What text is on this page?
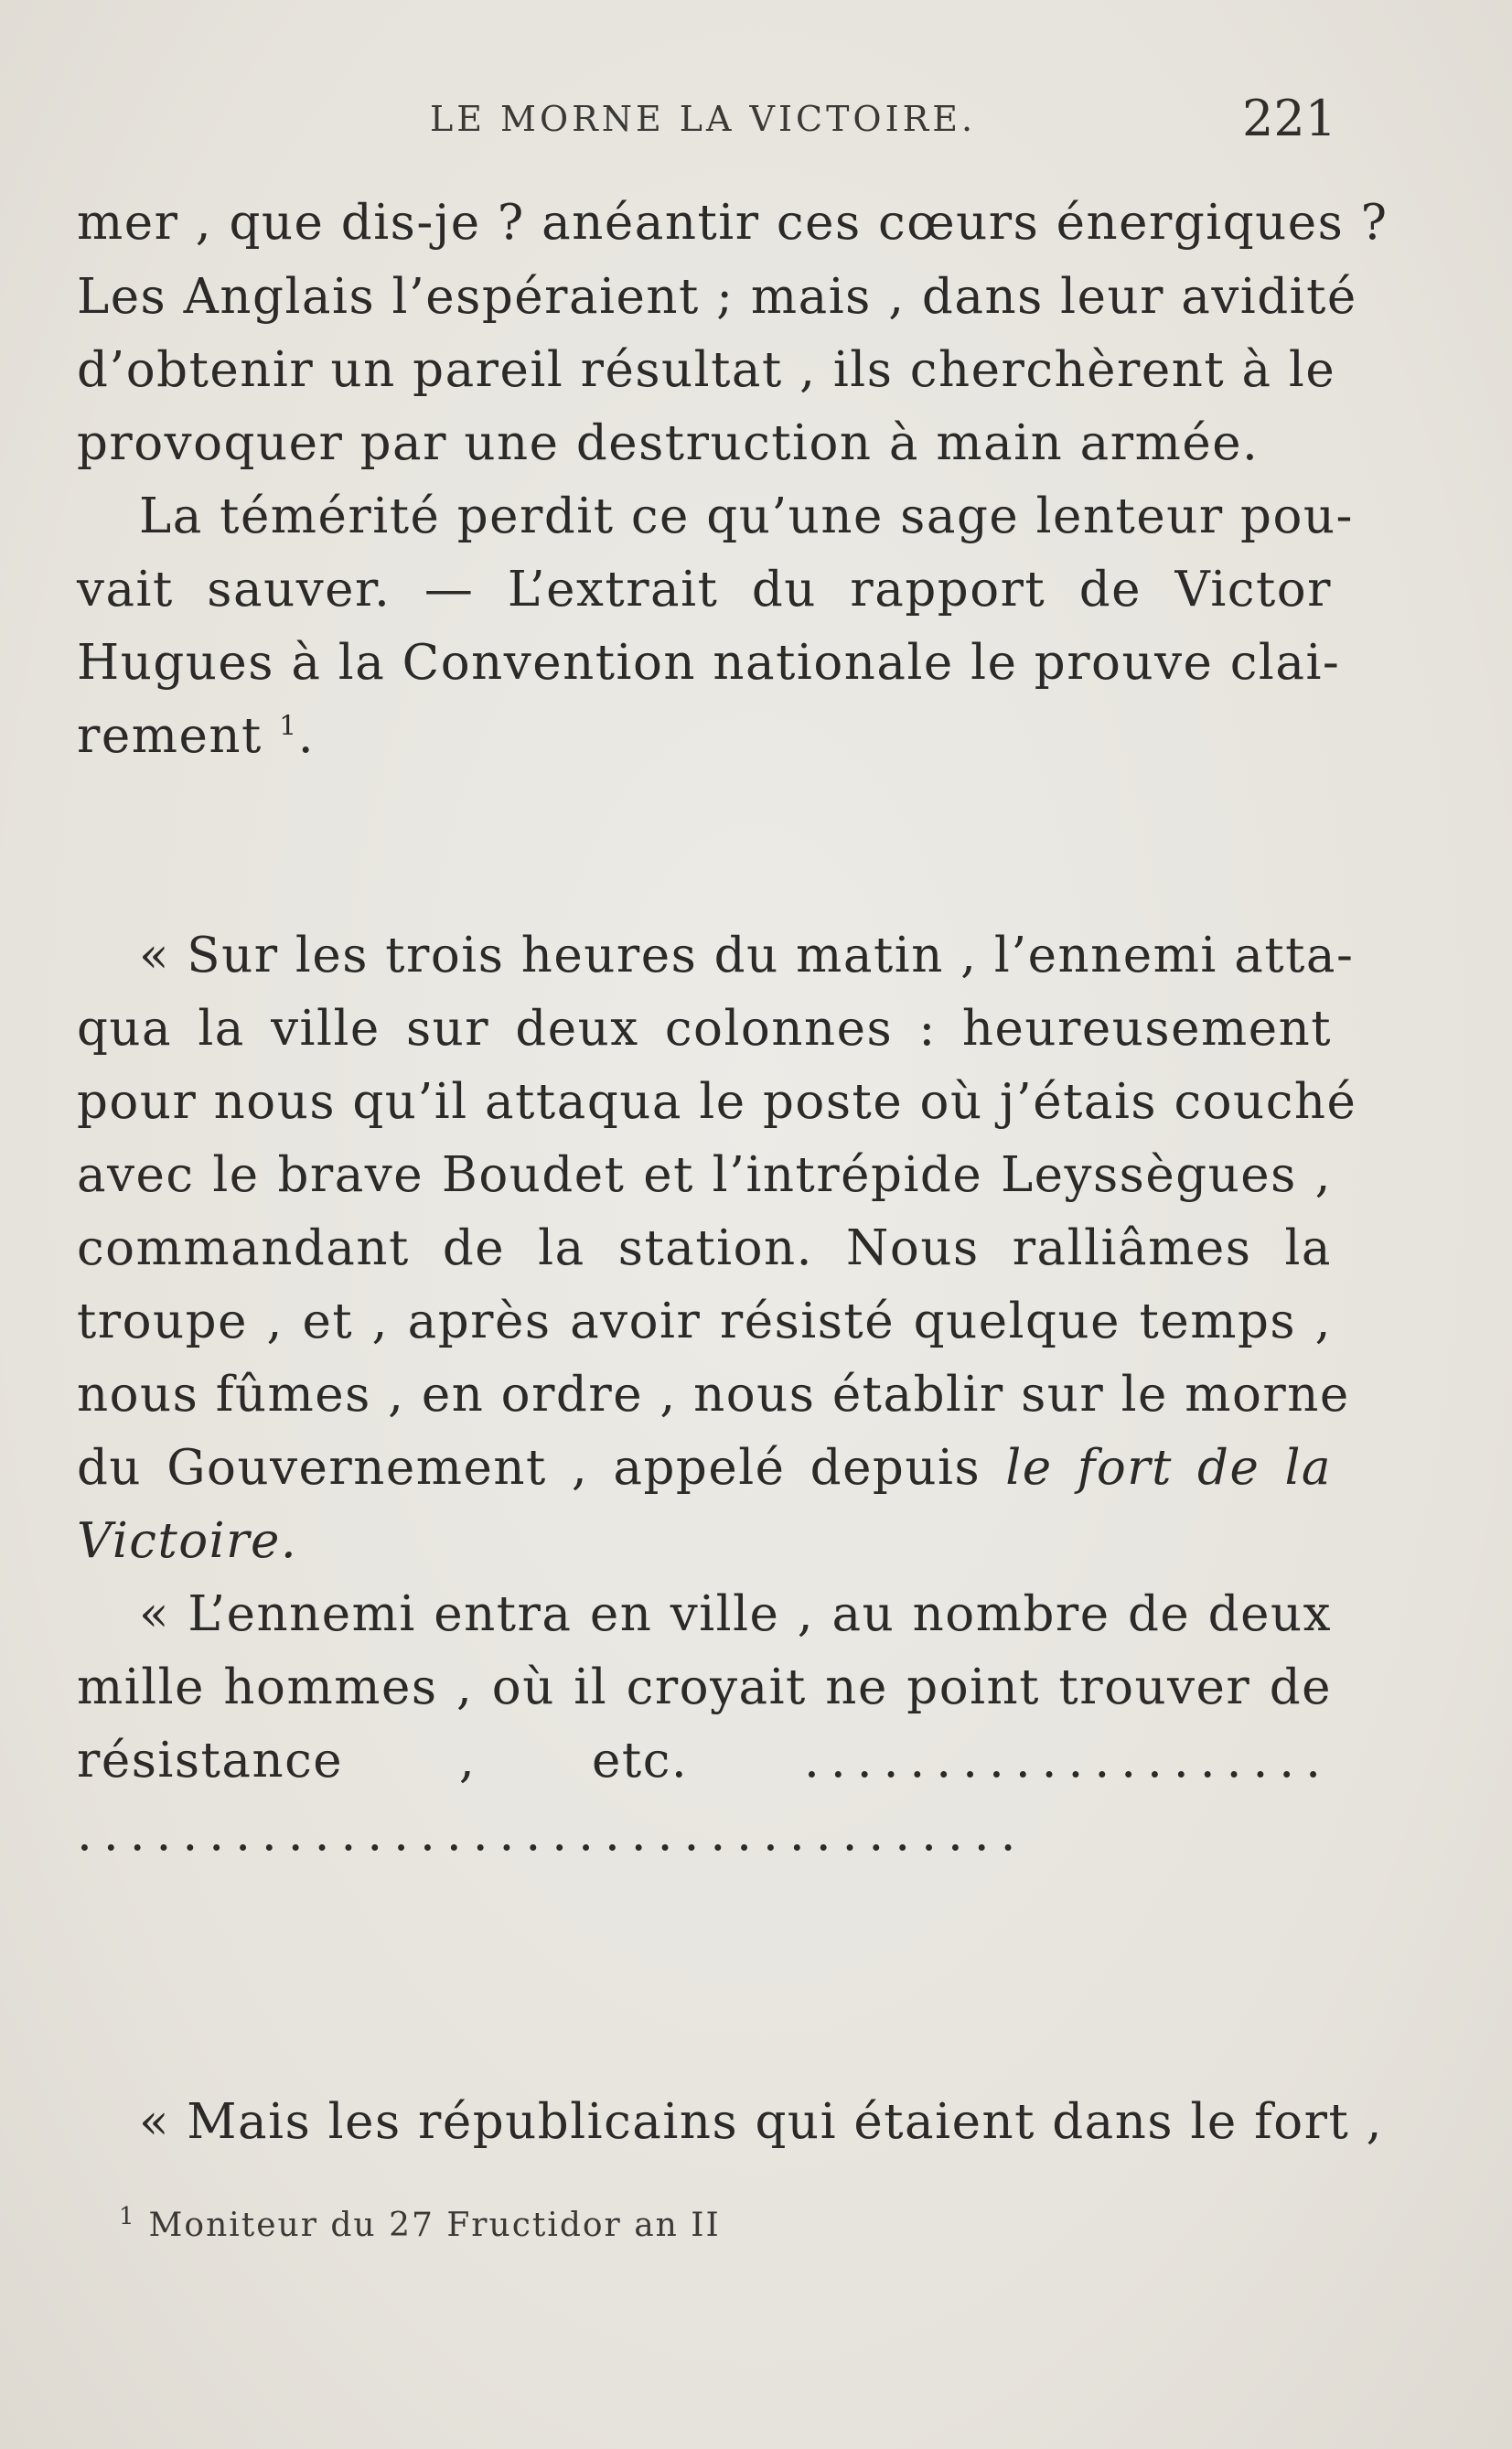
LE MORNE LA VICTOIRE.	221
mer , que dis-je ? anéantir ces cœurs énergiques ?
Les Anglais l’espéraient ; mais , dans leur avidité
d’obtenir un pareil résultat , ils cherchèrent à le
provoquer par une destruction à main armée.
La témérité perdit ce qu’une sage lenteur pou-
vait sauver. — L’extrait du rapport de Victor
Hugues à la Convention nationale le prouve clai-
rement $^1$.
« Sur les trois heures du matin , l’ennemi atta-
qua la ville sur deux colonnes : heureusement
pour nous qu’il attaqua le poste où j’étais couché
avec le brave Boudet et l’intrépide Leyssègues ,
commandant de la station. Nous ralliâmes la
troupe , et , après avoir résisté quelque temps ,
nous fûmes , en ordre , nous établir sur le morne
du Gouvernement , appelé depuis le fort de la
Victoire.
« L’ennemi entra en ville , au nombre de deux
mille hommes , où il croyait ne point trouver de
résistance , etc. ....................
....................................
« Mais les républicains qui étaient dans le fort ,
$^1$ Moniteur du 27 Fructidor an II
